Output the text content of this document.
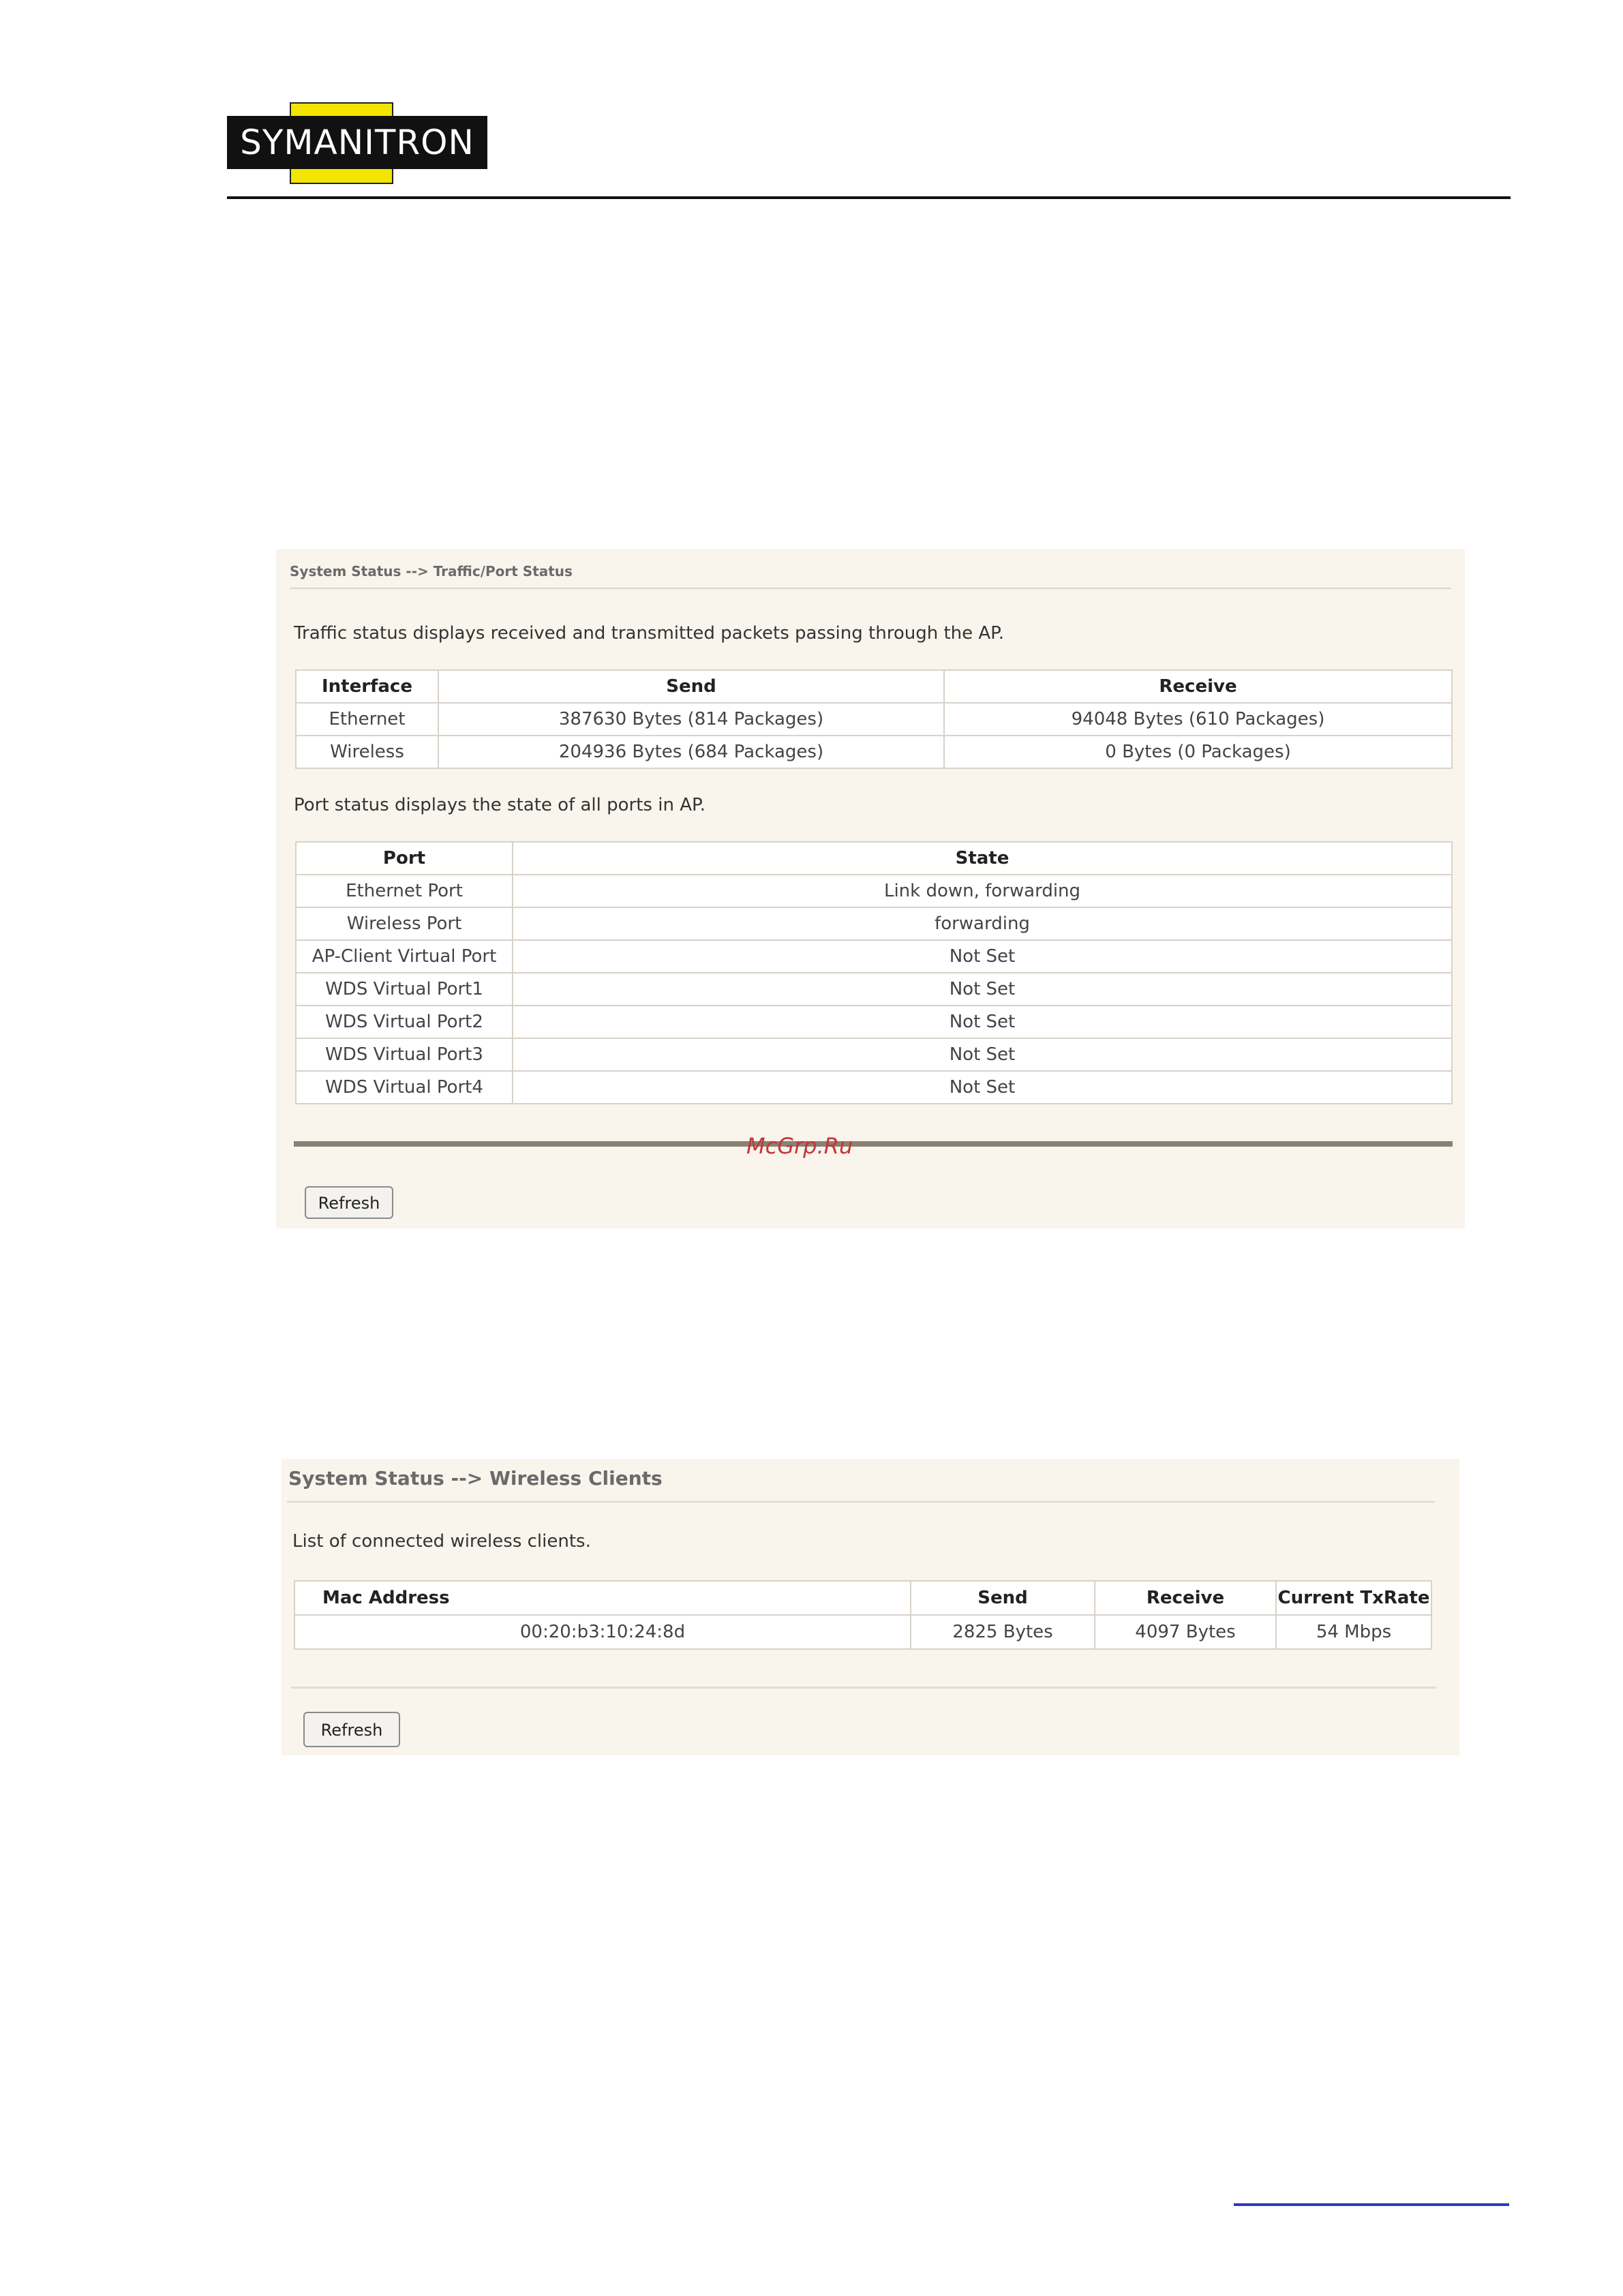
SYMANITRON
System Status --> Traffic/Port Status
Traffic status displays received and transmitted packets passing through the AP.
Interface	Send	Receive
Ethernet	387630 Bytes (814 Packages)	94048 Bytes (610 Packages)
Wireless	204936 Bytes (684 Packages)	0 Bytes (0 Packages)
Port status displays the state of all ports in AP.
Port	State
Ethernet Port	Link down, forwarding
Wireless Port	forwarding
AP-Client Virtual Port	Not Set
WDS Virtual Port1	Not Set
WDS Virtual Port2	Not Set
WDS Virtual Port3	Not Set
WDS Virtual Port4	Not Set
Refresh
McGrp.Ru
System Status --> Wireless Clients
List of connected wireless clients.
Mac Address	Send	Receive	Current TxRate
00:20:b3:10:24:8d	2825 Bytes	4097 Bytes	54 Mbps
Refresh
